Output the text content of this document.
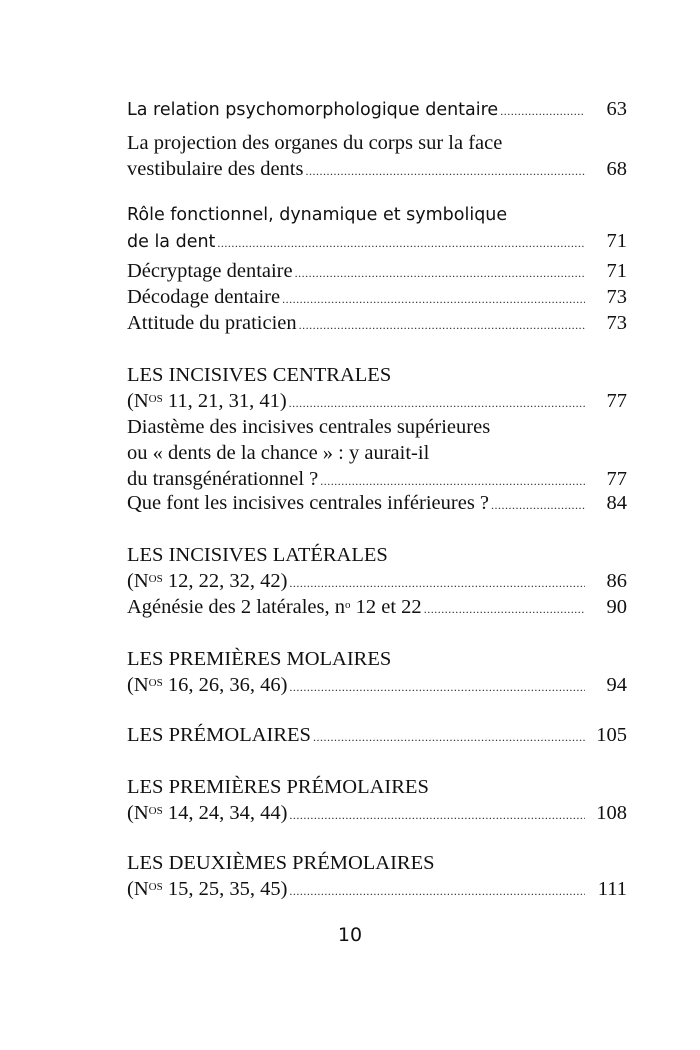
La relation psychomorphologique dentaire .....	63
La projection des organes du corps sur la face
vestibulaire des dents .....	68
Rôle fonctionnel, dynamique et symbolique
de la dent .....	71
Décryptage dentaire .....	71
Décodage dentaire .....	73
Attitude du praticien .....	73
LES INCISIVES CENTRALES
($N^{OS}$ 11, 21, 31, 41) .....	77
Diastème des incisives centrales supérieures
ou « dents de la chance » : y aurait-il
du transgénérationnel ? .....	77
Que font les incisives centrales inférieures ? .....	84
LES INCISIVES LATÉRALES
($N^{OS}$ 12, 22, 32, 42) .....	86
Agénésie des 2 latérales, $n^o$ 12 et 22 .....	90
LES PREMIÈRES MOLAIRES
($N^{OS}$ 16, 26, 36, 46) .....	94
LES PRÉMOLAIRES .....	105
LES PREMIÈRES PRÉMOLAIRES
($N^{OS}$ 14, 24, 34, 44) .....	108
LES DEUXIÈMES PRÉMOLAIRES
($N^{OS}$ 15, 25, 35, 45) .....	111
10
